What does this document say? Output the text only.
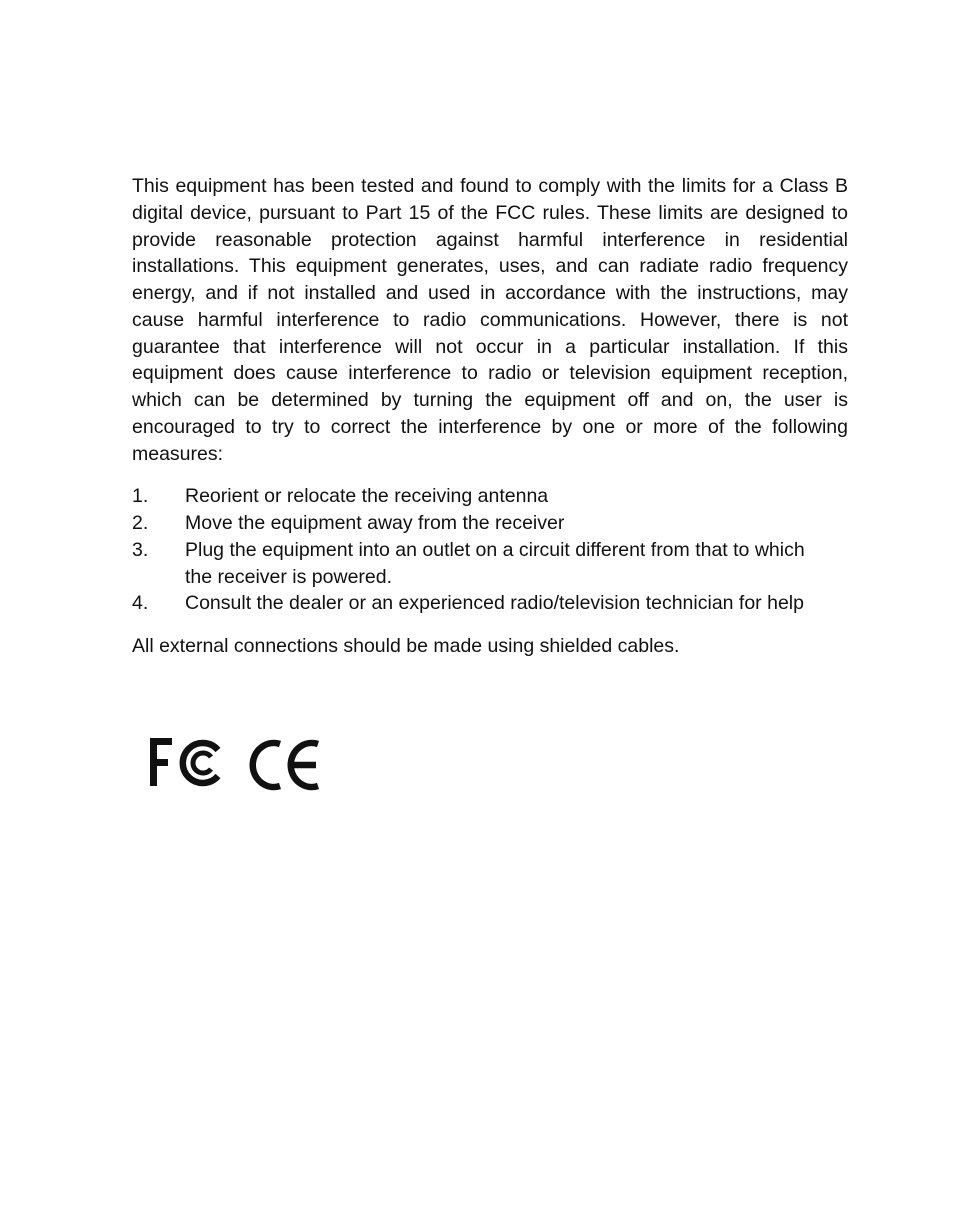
This equipment has been tested and found to comply with the limits for a Class B digital device, pursuant to Part 15 of the FCC rules. These limits are designed to provide reasonable protection against harmful interference in residential installations. This equipment generates, uses, and can radiate radio frequency energy, and if not installed and used in accordance with the instructions, may cause harmful interference to radio communications. However, there is not guarantee that interference will not occur in a particular installation. If this equipment does cause interference to radio or television equipment reception, which can be determined by turning the equipment off and on, the user is encouraged to try to correct the interference by one or more of the following measures:

1.	Reorient or relocate the receiving antenna
2.	Move the equipment away from the receiver
3.	Plug the equipment into an outlet on a circuit different from that to which the receiver is powered.
4.	Consult the dealer or an experienced radio/television technician for help

All external connections should be made using shielded cables.
